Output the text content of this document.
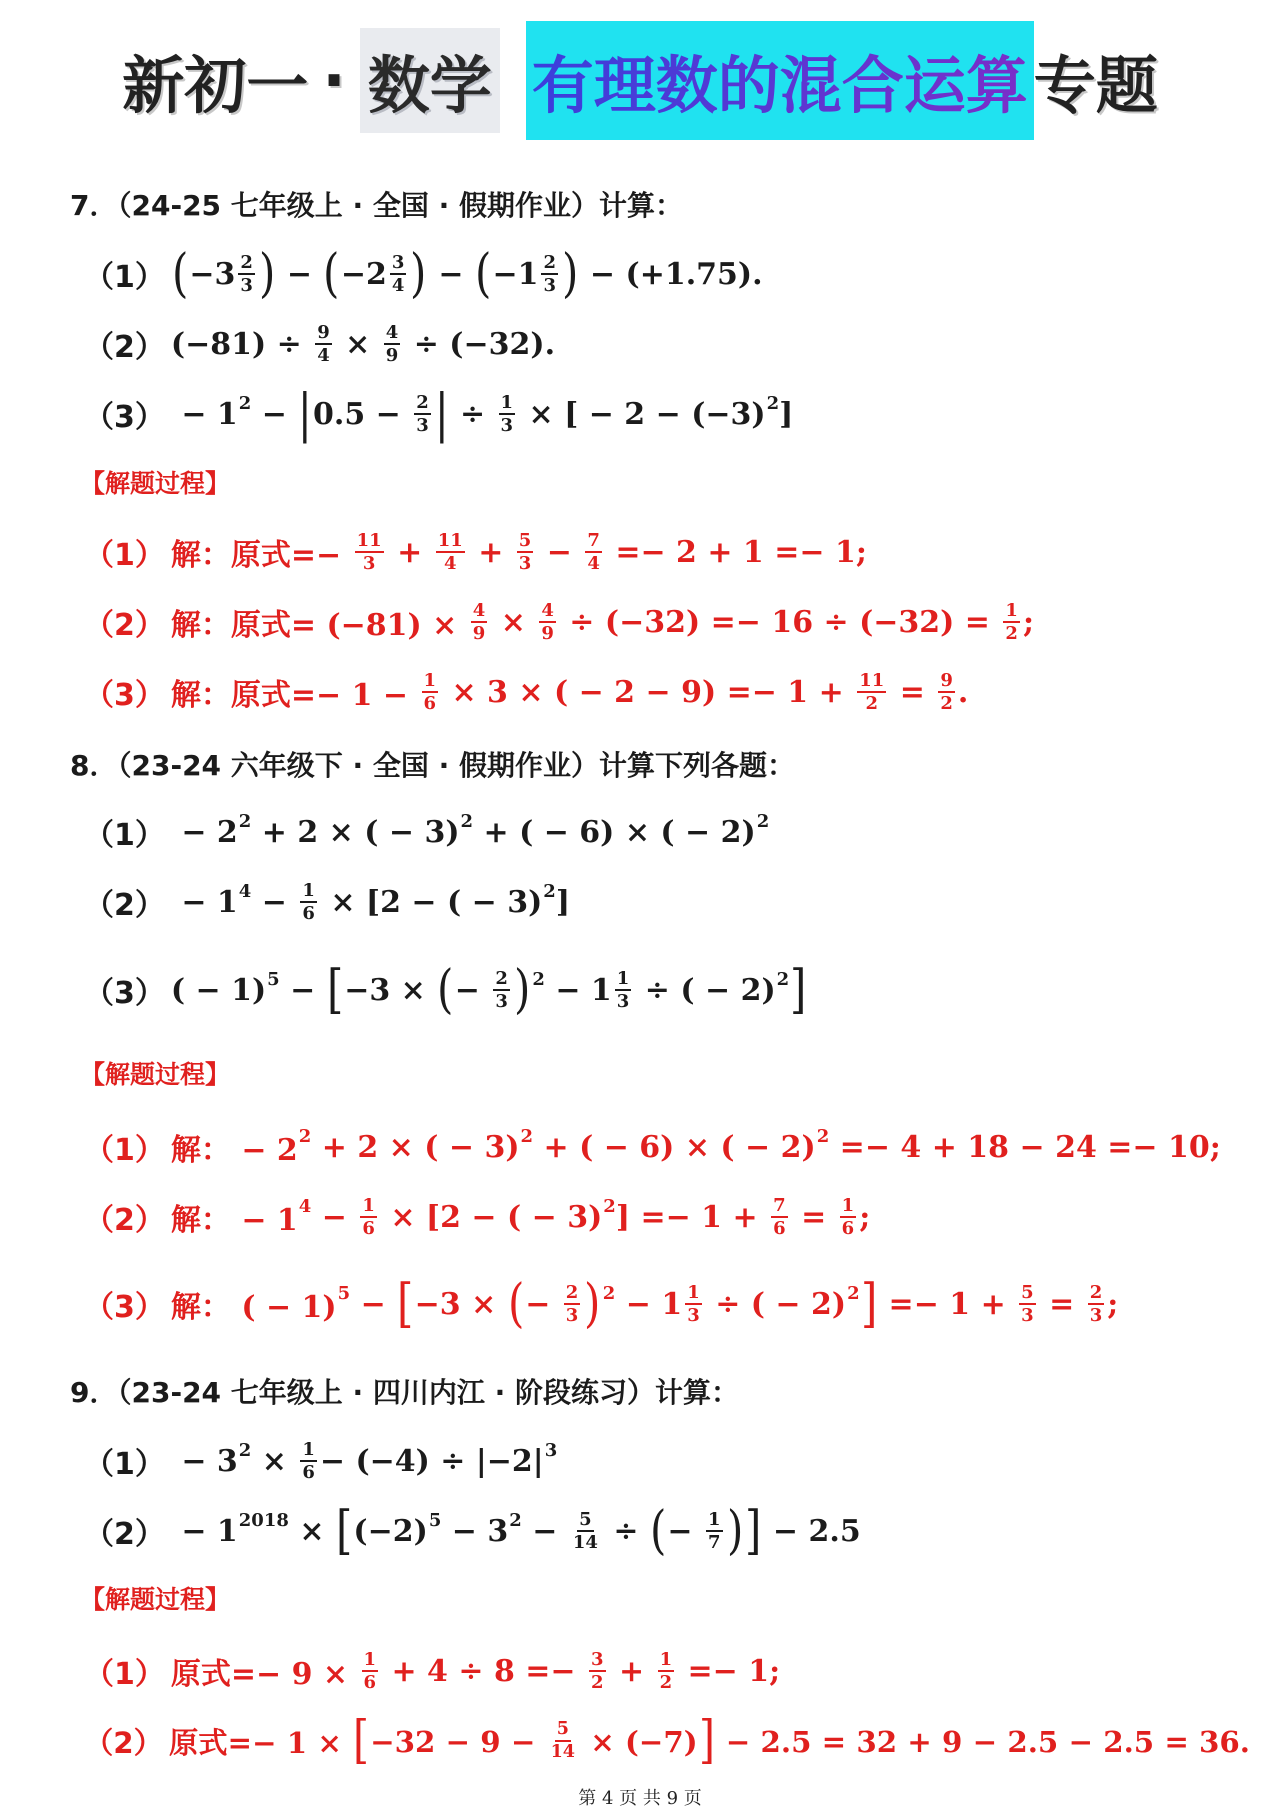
新初一 · 数学 有理数的混合运算 专题
7．（24-25 七年级上 · 全国 · 假期作业）计算：
（1） ( $-3 \frac{2}{3}$ ) − ( $-2 \frac{3}{4}$ ) − ( $-1 \frac{2}{3}$ ) − (+1.75).
（2） $(-81) \div \frac{9}{4} \times \frac{4}{9} \div (-32)$.
（3） − 1 2 − | $0.5 - \frac{2}{3}$ | ÷ $\frac{1}{3}$ × [ − 2 − (−3) 2 ]
【解题过程】
（1） 解：原式=− $\frac{11}{3} + \frac{11}{4} + \frac{5}{3} - \frac{7}{4} =- 2 + 1 =- 1$;
（2） 解：原式= $(-81) \times \frac{4}{9} \times \frac{4}{9} \div (-32) =- 16 \div (-32) = \frac{1}{2}$ ;
（3） 解：原式=− $1 - \frac{1}{6} \times 3$ × ( − $2 - 9) =- 1 + \frac{11}{2} = \frac{9}{2}$ .
8．（23-24 六年级下 · 全国 · 假期作业）计算下列各题：
（1） − 2 2 + 2 × ( − 3) 2 + ( − 6) × ( − 2) 2
（2） − 1 $4 - \frac{1}{6} \times [2$ − ( − 3) 2 ]
（3） ( − 1) 5 − [ −3 × ( − $\frac{2}{3}$ ) $2 - 1 \frac{1}{3}$ ÷ ( − 2) 2 ]
【解题过程】
（1） 解： − 2 2 + 2 × ( − 3) 2 + ( − 6) × ( − 2) 2 =− 4 + 18 − 24 =− 10;
（2） 解： − 1 $4 - \frac{1}{6} \times [2$ − ( − 3) 2 ] =− $1 + \frac{7}{6} = \frac{1}{6}$ ;
（3） 解： ( − 1) 5 − [ −3 × ( − $\frac{2}{3}$ ) $2 - 1 \frac{1}{3}$ ÷ ( − 2) 2 ] =− $1 + \frac{5}{3} = \frac{2}{3}$ ;
9．（23-24 七年级上 · 四川内江 · 阶段练习）计算：
（1） − 3 $2 \times \frac{1}{6} - (-4) \div |-2|$ 3
（2） − 1 2018 × [ (−2) 5 − 3 $2 - \frac{5}{14}$ ÷ ( − $\frac{1}{7}$ ) ] − 2.5
【解题过程】
（1） 原式=− $9 \times \frac{1}{6} + 4 \div 8 =- \frac{3}{2} + \frac{1}{2} =- 1$;
（2） 原式=− 1 × [ $-32 - 9 - \frac{5}{14} \times (-7)$ ] − 2.5 = 32 + 9 − 2.5 − 2.5 = 36.
第 4 页 共 9 页
